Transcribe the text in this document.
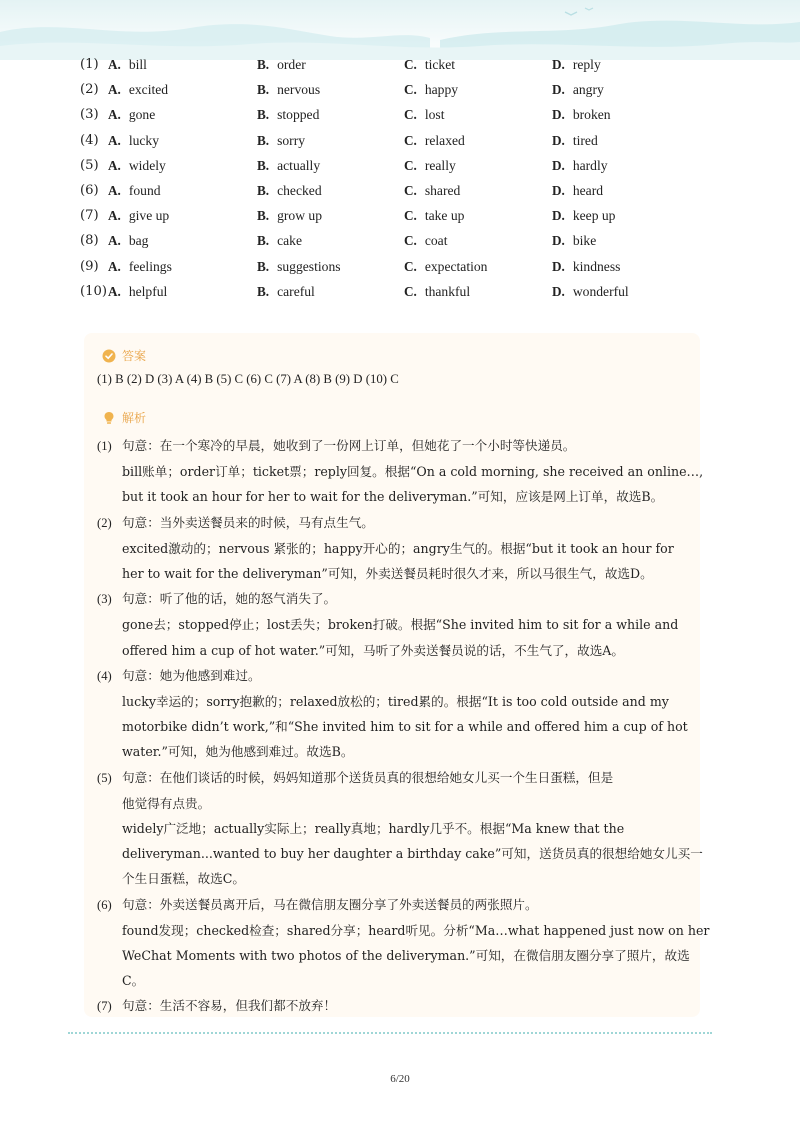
(1) A. bill	B. order	C. ticket	D. reply
(2) A. excited	B. nervous	C. happy	D. angry
(3) A. gone	B. stopped	C. lost	D. broken
(4) A. lucky	B. sorry	C. relaxed	D. tired
(5) A. widely	B. actually	C. really	D. hardly
(6) A. found	B. checked	C. shared	D. heard
(7) A. give up	B. grow up	C. take up	D. keep up
(8) A. bag	B. cake	C. coat	D. bike
(9) A. feelings	B. suggestions	C. expectation	D. kindness
(10) A. helpful	B. careful	C. thankful	D. wonderful
答案
(1) B (2) D (3) A (4) B (5) C (6) C (7) A (8) B (9) D (10) C
解析
(1) 句意：在一个寒冷的早晨，她收到了一份网上订单，但她花了一个小时等快递员。
bill账单；order订单；ticket票；reply回复。根据“On a cold morning, she received an online…,
but it took an hour for her to wait for the deliveryman.”可知，应该是网上订单，故选B。
(2) 句意：当外卖送餐员来的时候，马有点生气。
excited激动的；nervous 紧张的；happy开心的；angry生气的。根据“but it took an hour for
her to wait for the deliveryman”可知，外卖送餐员耗时很久才来，所以马很生气，故选D。
(3) 句意：听了他的话，她的怒气消失了。
gone去；stopped停止；lost丢失；broken打破。根据“She invited him to sit for a while and
offered him a cup of hot water.”可知，马听了外卖送餐员说的话，不生气了，故选A。
(4) 句意：她为他感到难过。
lucky幸运的；sorry抱歉的；relaxed放松的；tired累的。根据“It is too cold outside and my
motorbike didn’t work,”和“She invited him to sit for a while and offered him a cup of hot
water.”可知，她为他感到难过。故选B。
(5) 句意：在他们谈话的时候，妈妈知道那个送货员真的很想给她女儿买一个生日蛋糕，但是
他觉得有点贵。
widely广泛地；actually实际上；really真地；hardly几乎不。根据“Ma knew that the
deliveryman...wanted to buy her daughter a birthday cake”可知，送货员真的很想给她女儿买一
个生日蛋糕，故选C。
(6) 句意：外卖送餐员离开后，马在微信朋友圈分享了外卖送餐员的两张照片。
found发现；checked检查；shared分享；heard听见。分析“Ma…what happened just now on her
WeChat Moments with two photos of the deliveryman.”可知，在微信朋友圈分享了照片，故选
C。
(7) 句意：生活不容易，但我们都不放弃！
6/20
